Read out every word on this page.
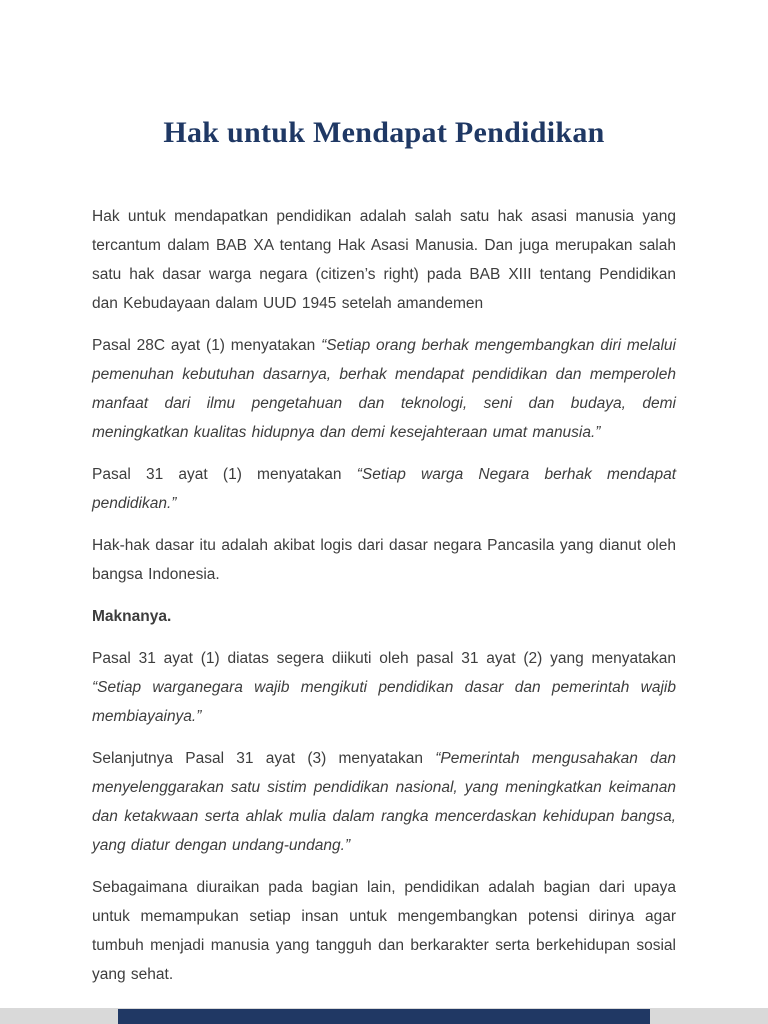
Hak untuk Mendapat Pendidikan

Hak untuk mendapatkan pendidikan adalah salah satu hak asasi manusia yang tercantum dalam BAB XA tentang Hak Asasi Manusia. Dan juga merupakan salah satu hak dasar warga negara (citizen’s right) pada BAB XIII tentang Pendidikan dan Kebudayaan dalam UUD 1945 setelah amandemen

Pasal 28C ayat (1) menyatakan “Setiap orang berhak mengembangkan diri melalui pemenuhan kebutuhan dasarnya, berhak mendapat pendidikan dan memperoleh manfaat dari ilmu pengetahuan dan teknologi, seni dan budaya, demi meningkatkan kualitas hidupnya dan demi kesejahteraan umat manusia.”

Pasal 31 ayat (1) menyatakan “Setiap warga Negara berhak mendapat pendidikan.”

Hak-hak dasar itu adalah akibat logis dari dasar negara Pancasila yang dianut oleh bangsa Indonesia.

Maknanya.

Pasal 31 ayat (1) diatas segera diikuti oleh pasal 31 ayat (2) yang menyatakan “Setiap warganegara wajib mengikuti pendidikan dasar dan pemerintah wajib membiayainya.”

Selanjutnya Pasal 31 ayat (3) menyatakan “Pemerintah mengusahakan dan menyelenggarakan satu sistim pendidikan nasional, yang meningkatkan keimanan dan ketakwaan serta ahlak mulia dalam rangka mencerdaskan kehidupan bangsa, yang diatur dengan undang-undang.”

Sebagaimana diuraikan pada bagian lain, pendidikan adalah bagian dari upaya untuk memampukan setiap insan untuk mengembangkan potensi dirinya agar tumbuh menjadi manusia yang tangguh dan berkarakter serta berkehidupan sosial yang sehat.
